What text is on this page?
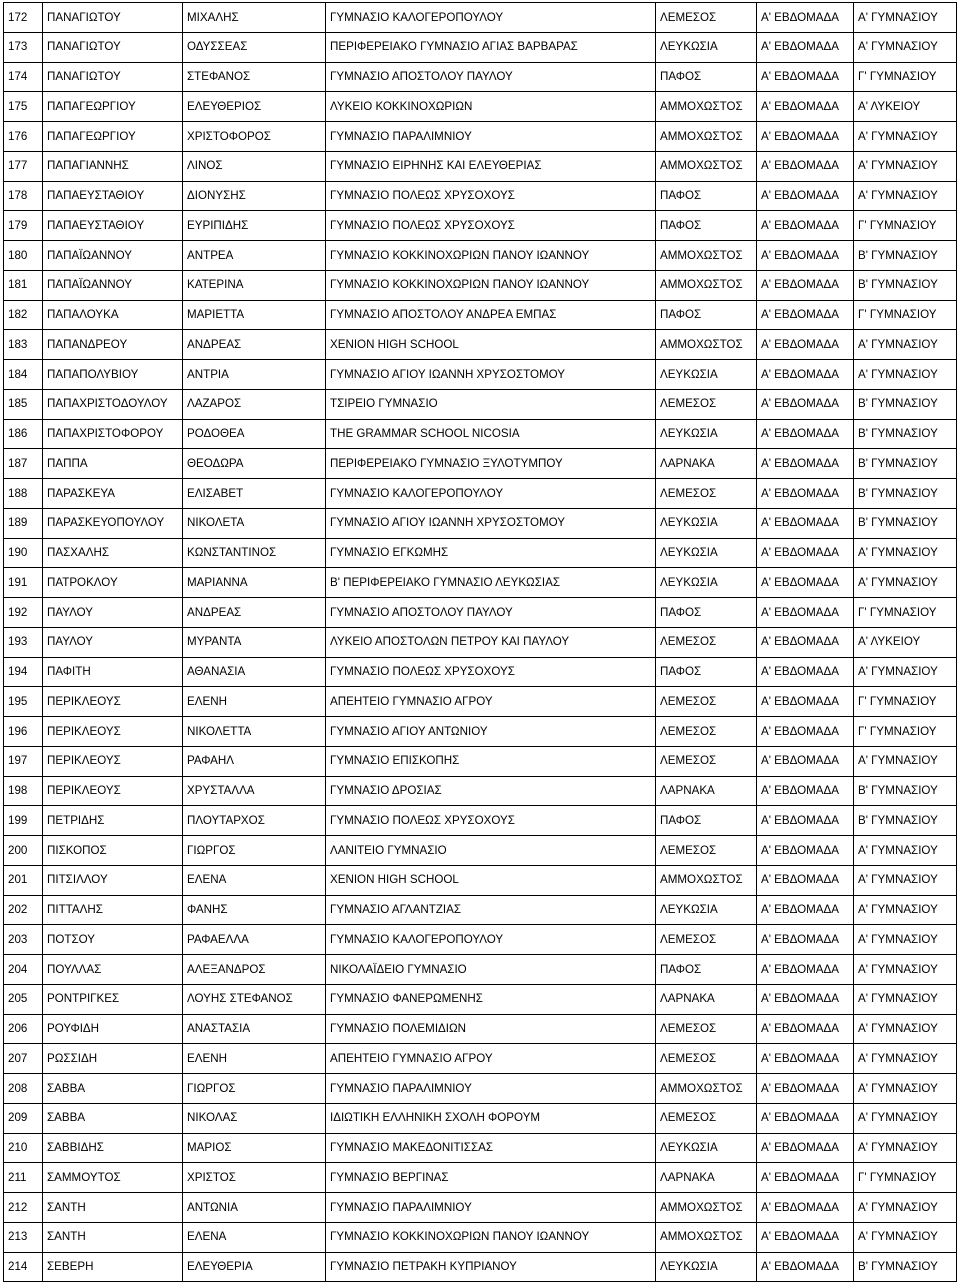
172	ΠΑΝΑΓΙΩΤΟΥ	ΜΙΧΑΛΗΣ	ΓΥΜΝΑΣΙΟ ΚΑΛΟΓΕΡΟΠΟΥΛΟΥ	ΛΕΜΕΣΟΣ	Α' ΕΒΔΟΜΑΔΑ	Α' ΓΥΜΝΑΣΙΟΥ
173	ΠΑΝΑΓΙΩΤΟΥ	ΟΔΥΣΣΕΑΣ	ΠΕΡΙΦΕΡΕΙΑΚΟ ΓΥΜΝΑΣΙΟ ΑΓΙΑΣ ΒΑΡΒΑΡΑΣ	ΛΕΥΚΩΣΙΑ	Α' ΕΒΔΟΜΑΔΑ	Α' ΓΥΜΝΑΣΙΟΥ
174	ΠΑΝΑΓΙΩΤΟΥ	ΣΤΕΦΑΝΟΣ	ΓΥΜΝΑΣΙΟ ΑΠΟΣΤΟΛΟΥ ΠΑΥΛΟΥ	ΠΑΦΟΣ	Α' ΕΒΔΟΜΑΔΑ	Γ' ΓΥΜΝΑΣΙΟΥ
175	ΠΑΠΑΓΕΩΡΓΙΟΥ	ΕΛΕΥΘΕΡΙΟΣ	ΛΥΚΕΙΟ ΚΟΚΚΙΝΟΧΩΡΙΩΝ	ΑΜΜΟΧΩΣΤΟΣ	Α' ΕΒΔΟΜΑΔΑ	Α' ΛΥΚΕΙΟΥ
176	ΠΑΠΑΓΕΩΡΓΙΟΥ	ΧΡΙΣΤΟΦΟΡΟΣ	ΓΥΜΝΑΣΙΟ ΠΑΡΑΛΙΜΝΙΟΥ	ΑΜΜΟΧΩΣΤΟΣ	Α' ΕΒΔΟΜΑΔΑ	Α' ΓΥΜΝΑΣΙΟΥ
177	ΠΑΠΑΓΙΑΝΝΗΣ	ΛΙΝΟΣ	ΓΥΜΝΑΣΙΟ ΕΙΡΗΝΗΣ ΚΑΙ ΕΛΕΥΘΕΡΙΑΣ	ΑΜΜΟΧΩΣΤΟΣ	Α' ΕΒΔΟΜΑΔΑ	Α' ΓΥΜΝΑΣΙΟΥ
178	ΠΑΠΑΕΥΣΤΑΘΙΟΥ	ΔΙΟΝΥΣΗΣ	ΓΥΜΝΑΣΙΟ ΠΟΛΕΩΣ ΧΡΥΣΟΧΟΥΣ	ΠΑΦΟΣ	Α' ΕΒΔΟΜΑΔΑ	Α' ΓΥΜΝΑΣΙΟΥ
179	ΠΑΠΑΕΥΣΤΑΘΙΟΥ	ΕΥΡΙΠΙΔΗΣ	ΓΥΜΝΑΣΙΟ ΠΟΛΕΩΣ ΧΡΥΣΟΧΟΥΣ	ΠΑΦΟΣ	Α' ΕΒΔΟΜΑΔΑ	Γ' ΓΥΜΝΑΣΙΟΥ
180	ΠΑΠΑΪΩΑΝΝΟΥ	ΑΝΤΡΕΑ	ΓΥΜΝΑΣΙΟ ΚΟΚΚΙΝΟΧΩΡΙΩΝ ΠΑΝΟΥ ΙΩΑΝΝΟΥ	ΑΜΜΟΧΩΣΤΟΣ	Α' ΕΒΔΟΜΑΔΑ	Β' ΓΥΜΝΑΣΙΟΥ
181	ΠΑΠΑΪΩΑΝΝΟΥ	ΚΑΤΕΡΙΝΑ	ΓΥΜΝΑΣΙΟ ΚΟΚΚΙΝΟΧΩΡΙΩΝ ΠΑΝΟΥ ΙΩΑΝΝΟΥ	ΑΜΜΟΧΩΣΤΟΣ	Α' ΕΒΔΟΜΑΔΑ	Β' ΓΥΜΝΑΣΙΟΥ
182	ΠΑΠΑΛΟΥΚΑ	ΜΑΡΙΕΤΤΑ	ΓΥΜΝΑΣΙΟ ΑΠΟΣΤΟΛΟΥ ΑΝΔΡΕΑ ΕΜΠΑΣ	ΠΑΦΟΣ	Α' ΕΒΔΟΜΑΔΑ	Γ' ΓΥΜΝΑΣΙΟΥ
183	ΠΑΠΑΝΔΡΕΟΥ	ΑΝΔΡΕΑΣ	XENION HIGH SCHOOL	ΑΜΜΟΧΩΣΤΟΣ	Α' ΕΒΔΟΜΑΔΑ	Α' ΓΥΜΝΑΣΙΟΥ
184	ΠΑΠΑΠΟΛΥΒΙΟΥ	ΑΝΤΡΙΑ	ΓΥΜΝΑΣΙΟ ΑΓΙΟΥ ΙΩΑΝΝΗ ΧΡΥΣΟΣΤΟΜΟΥ	ΛΕΥΚΩΣΙΑ	Α' ΕΒΔΟΜΑΔΑ	Α' ΓΥΜΝΑΣΙΟΥ
185	ΠΑΠΑΧΡΙΣΤΟΔΟΥΛΟΥ	ΛΑΖΑΡΟΣ	ΤΣΙΡΕΙΟ ΓΥΜΝΑΣΙΟ	ΛΕΜΕΣΟΣ	Α' ΕΒΔΟΜΑΔΑ	Β' ΓΥΜΝΑΣΙΟΥ
186	ΠΑΠΑΧΡΙΣΤΟΦΟΡΟΥ	ΡΟΔΟΘΕΑ	THE GRAMMAR SCHOOL NICOSIA	ΛΕΥΚΩΣΙΑ	Α' ΕΒΔΟΜΑΔΑ	Β' ΓΥΜΝΑΣΙΟΥ
187	ΠΑΠΠΑ	ΘΕΟΔΩΡΑ	ΠΕΡΙΦΕΡΕΙΑΚΟ ΓΥΜΝΑΣΙΟ ΞΥΛΟΤΥΜΠΟΥ	ΛΑΡΝΑΚΑ	Α' ΕΒΔΟΜΑΔΑ	Β' ΓΥΜΝΑΣΙΟΥ
188	ΠΑΡΑΣΚΕΥΑ	ΕΛΙΣΑΒΕΤ	ΓΥΜΝΑΣΙΟ ΚΑΛΟΓΕΡΟΠΟΥΛΟΥ	ΛΕΜΕΣΟΣ	Α' ΕΒΔΟΜΑΔΑ	Β' ΓΥΜΝΑΣΙΟΥ
189	ΠΑΡΑΣΚΕΥΟΠΟΥΛΟΥ	ΝΙΚΟΛΕΤΑ	ΓΥΜΝΑΣΙΟ ΑΓΙΟΥ ΙΩΑΝΝΗ ΧΡΥΣΟΣΤΟΜΟΥ	ΛΕΥΚΩΣΙΑ	Α' ΕΒΔΟΜΑΔΑ	Β' ΓΥΜΝΑΣΙΟΥ
190	ΠΑΣΧΑΛΗΣ	ΚΩΝΣΤΑΝΤΙΝΟΣ	ΓΥΜΝΑΣΙΟ ΕΓΚΩΜΗΣ	ΛΕΥΚΩΣΙΑ	Α' ΕΒΔΟΜΑΔΑ	Α' ΓΥΜΝΑΣΙΟΥ
191	ΠΑΤΡΟΚΛΟΥ	ΜΑΡΙΑΝΝΑ	Β' ΠΕΡΙΦΕΡΕΙΑΚΟ ΓΥΜΝΑΣΙΟ ΛΕΥΚΩΣΙΑΣ	ΛΕΥΚΩΣΙΑ	Α' ΕΒΔΟΜΑΔΑ	Α' ΓΥΜΝΑΣΙΟΥ
192	ΠΑΥΛΟΥ	ΑΝΔΡΕΑΣ	ΓΥΜΝΑΣΙΟ ΑΠΟΣΤΟΛΟΥ ΠΑΥΛΟΥ	ΠΑΦΟΣ	Α' ΕΒΔΟΜΑΔΑ	Γ' ΓΥΜΝΑΣΙΟΥ
193	ΠΑΥΛΟΥ	ΜΥΡΑΝΤΑ	ΛΥΚΕΙΟ ΑΠΟΣΤΟΛΩΝ ΠΕΤΡΟΥ ΚΑΙ ΠΑΥΛΟΥ	ΛΕΜΕΣΟΣ	Α' ΕΒΔΟΜΑΔΑ	Α' ΛΥΚΕΙΟΥ
194	ΠΑΦΙΤΗ	ΑΘΑΝΑΣΙΑ	ΓΥΜΝΑΣΙΟ ΠΟΛΕΩΣ ΧΡΥΣΟΧΟΥΣ	ΠΑΦΟΣ	Α' ΕΒΔΟΜΑΔΑ	Α' ΓΥΜΝΑΣΙΟΥ
195	ΠΕΡΙΚΛΕΟΥΣ	ΕΛΕΝΗ	ΑΠΕΗΤΕΙΟ ΓΥΜΝΑΣΙΟ ΑΓΡΟΥ	ΛΕΜΕΣΟΣ	Α' ΕΒΔΟΜΑΔΑ	Γ' ΓΥΜΝΑΣΙΟΥ
196	ΠΕΡΙΚΛΕΟΥΣ	ΝΙΚΟΛΕΤΤΑ	ΓΥΜΝΑΣΙΟ ΑΓΙΟΥ ΑΝΤΩΝΙΟΥ	ΛΕΜΕΣΟΣ	Α' ΕΒΔΟΜΑΔΑ	Γ' ΓΥΜΝΑΣΙΟΥ
197	ΠΕΡΙΚΛΕΟΥΣ	ΡΑΦΑΗΛ	ΓΥΜΝΑΣΙΟ ΕΠΙΣΚΟΠΗΣ	ΛΕΜΕΣΟΣ	Α' ΕΒΔΟΜΑΔΑ	Α' ΓΥΜΝΑΣΙΟΥ
198	ΠΕΡΙΚΛΕΟΥΣ	ΧΡΥΣΤΑΛΛΑ	ΓΥΜΝΑΣΙΟ ΔΡΟΣΙΑΣ	ΛΑΡΝΑΚΑ	Α' ΕΒΔΟΜΑΔΑ	Β' ΓΥΜΝΑΣΙΟΥ
199	ΠΕΤΡΙΔΗΣ	ΠΛΟΥΤΑΡΧΟΣ	ΓΥΜΝΑΣΙΟ ΠΟΛΕΩΣ ΧΡΥΣΟΧΟΥΣ	ΠΑΦΟΣ	Α' ΕΒΔΟΜΑΔΑ	Β' ΓΥΜΝΑΣΙΟΥ
200	ΠΙΣΚΟΠΟΣ	ΓΙΩΡΓΟΣ	ΛΑΝΙΤΕΙΟ ΓΥΜΝΑΣΙΟ	ΛΕΜΕΣΟΣ	Α' ΕΒΔΟΜΑΔΑ	Α' ΓΥΜΝΑΣΙΟΥ
201	ΠΙΤΣΙΛΛΟΥ	ΕΛΕΝΑ	XENION HIGH SCHOOL	ΑΜΜΟΧΩΣΤΟΣ	Α' ΕΒΔΟΜΑΔΑ	Α' ΓΥΜΝΑΣΙΟΥ
202	ΠΙΤΤΑΛΗΣ	ΦΑΝΗΣ	ΓΥΜΝΑΣΙΟ ΑΓΛΑΝΤΖΙΑΣ	ΛΕΥΚΩΣΙΑ	Α' ΕΒΔΟΜΑΔΑ	Α' ΓΥΜΝΑΣΙΟΥ
203	ΠΟΤΣΟΥ	ΡΑΦΑΕΛΛΑ	ΓΥΜΝΑΣΙΟ ΚΑΛΟΓΕΡΟΠΟΥΛΟΥ	ΛΕΜΕΣΟΣ	Α' ΕΒΔΟΜΑΔΑ	Α' ΓΥΜΝΑΣΙΟΥ
204	ΠΟΥΛΛΑΣ	ΑΛΕΞΑΝΔΡΟΣ	ΝΙΚΟΛΑΪΔΕΙΟ ΓΥΜΝΑΣΙΟ	ΠΑΦΟΣ	Α' ΕΒΔΟΜΑΔΑ	Α' ΓΥΜΝΑΣΙΟΥ
205	ΡΟΝΤΡΙΓΚΕΣ	ΛΟΥΗΣ ΣΤΕΦΑΝΟΣ	ΓΥΜΝΑΣΙΟ ΦΑΝΕΡΩΜΕΝΗΣ	ΛΑΡΝΑΚΑ	Α' ΕΒΔΟΜΑΔΑ	Α' ΓΥΜΝΑΣΙΟΥ
206	ΡΟΥΦΙΔΗ	ΑΝΑΣΤΑΣΙΑ	ΓΥΜΝΑΣΙΟ ΠΟΛΕΜΙΔΙΩΝ	ΛΕΜΕΣΟΣ	Α' ΕΒΔΟΜΑΔΑ	Α' ΓΥΜΝΑΣΙΟΥ
207	ΡΩΣΣΙΔΗ	ΕΛΕΝΗ	ΑΠΕΗΤΕΙΟ ΓΥΜΝΑΣΙΟ ΑΓΡΟΥ	ΛΕΜΕΣΟΣ	Α' ΕΒΔΟΜΑΔΑ	Α' ΓΥΜΝΑΣΙΟΥ
208	ΣΑΒΒΑ	ΓΙΩΡΓΟΣ	ΓΥΜΝΑΣΙΟ ΠΑΡΑΛΙΜΝΙΟΥ	ΑΜΜΟΧΩΣΤΟΣ	Α' ΕΒΔΟΜΑΔΑ	Α' ΓΥΜΝΑΣΙΟΥ
209	ΣΑΒΒΑ	ΝΙΚΟΛΑΣ	ΙΔΙΩΤΙΚΗ ΕΛΛΗΝΙΚΗ ΣΧΟΛΗ ΦΟΡΟΥΜ	ΛΕΜΕΣΟΣ	Α' ΕΒΔΟΜΑΔΑ	Α' ΓΥΜΝΑΣΙΟΥ
210	ΣΑΒΒΙΔΗΣ	ΜΑΡΙΟΣ	ΓΥΜΝΑΣΙΟ ΜΑΚΕΔΟΝΙΤΙΣΣΑΣ	ΛΕΥΚΩΣΙΑ	Α' ΕΒΔΟΜΑΔΑ	Α' ΓΥΜΝΑΣΙΟΥ
211	ΣΑΜΜΟΥΤΟΣ	ΧΡΙΣΤΟΣ	ΓΥΜΝΑΣΙΟ ΒΕΡΓΙΝΑΣ	ΛΑΡΝΑΚΑ	Α' ΕΒΔΟΜΑΔΑ	Γ' ΓΥΜΝΑΣΙΟΥ
212	ΣΑΝΤΗ	ΑΝΤΩΝΙΑ	ΓΥΜΝΑΣΙΟ ΠΑΡΑΛΙΜΝΙΟΥ	ΑΜΜΟΧΩΣΤΟΣ	Α' ΕΒΔΟΜΑΔΑ	Α' ΓΥΜΝΑΣΙΟΥ
213	ΣΑΝΤΗ	ΕΛΕΝΑ	ΓΥΜΝΑΣΙΟ ΚΟΚΚΙΝΟΧΩΡΙΩΝ ΠΑΝΟΥ ΙΩΑΝΝΟΥ	ΑΜΜΟΧΩΣΤΟΣ	Α' ΕΒΔΟΜΑΔΑ	Α' ΓΥΜΝΑΣΙΟΥ
214	ΣΕΒΕΡΗ	ΕΛΕΥΘΕΡΙΑ	ΓΥΜΝΑΣΙΟ ΠΕΤΡΑΚΗ ΚΥΠΡΙΑΝΟΥ	ΛΕΥΚΩΣΙΑ	Α' ΕΒΔΟΜΑΔΑ	Β' ΓΥΜΝΑΣΙΟΥ
